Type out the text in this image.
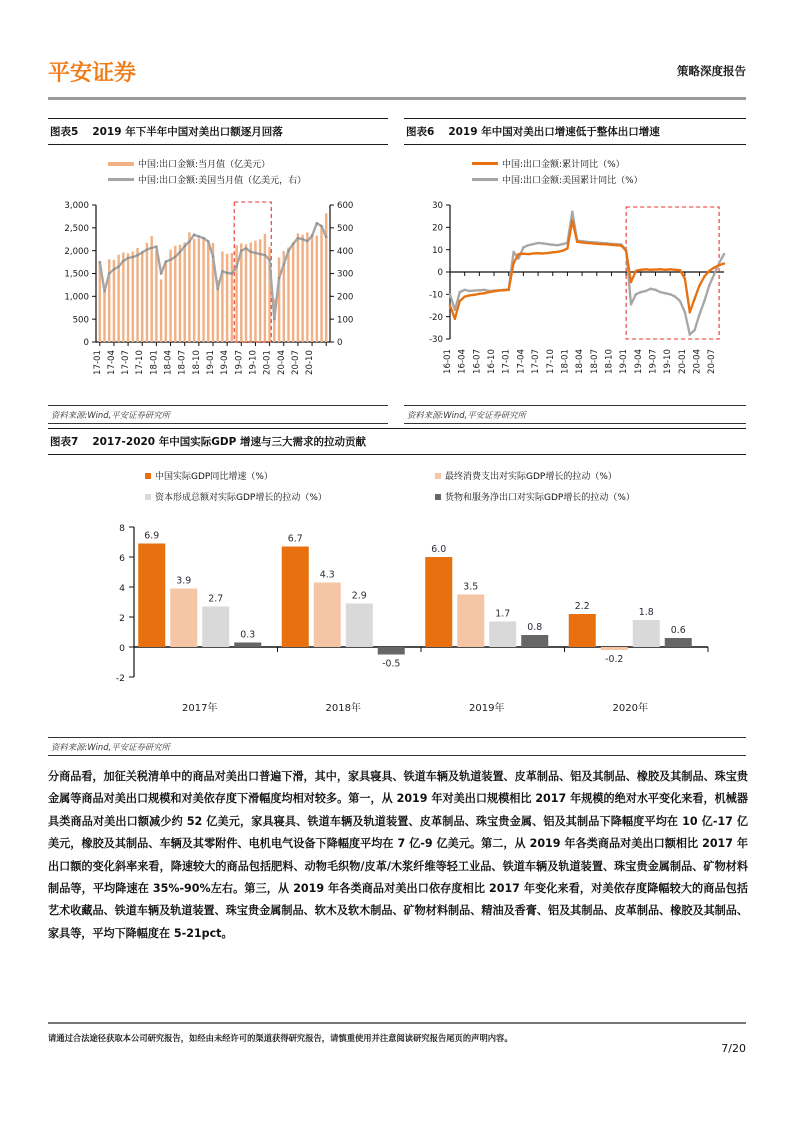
平安证券	策略深度报告
图表5 2019 年下半年中国对美出口额逐月回落
中国:出口金额:当月值（亿美元）
中国:出口金额:美国当月值（亿美元，右）
0
500
1,000
1,500
2,000
2,500
3,000
0
100
200
300
400
500
600
17-01 17-04 17-07 17-10 18-01 18-04 18-07 18-10 19-01 19-04 19-07 19-10 20-01 20-04 20-07 20-10
资料来源:Wind,平安证券研究所
图表6 2019 年中国对美出口增速低于整体出口增速
中国:出口金额:累计同比（%）
中国:出口金额:美国累计同比（%）
-30
-20
-10
0
10
20
30
16-01 16-04 16-07 16-10 17-01 17-04 17-07 17-10 18-01 18-04 18-07 18-10 19-01 19-04 19-07 19-10 20-01 20-04 20-07
资料来源:Wind,平安证券研究所
图表7 2017-2020 年中国实际GDP 增速与三大需求的拉动贡献
中国实际GDP同比增速（%）
资本形成总额对实际GDP增长的拉动（%）
最终消费支出对实际GDP增长的拉动（%）
货物和服务净出口对实际GDP增长的拉动（%）
-2
0
2
4
6
8
6.9
3.9
2.7
0.3
2017年
6.7
4.3
2.9
-0.5
2018年
6.0
3.5
1.7
0.8
2019年
2.2
-0.2
1.8
0.6
2020年
资料来源:Wind,平安证券研究所
分商品看，加征关税清单中的商品对美出口普遍下滑，其中，家具寝具、铁道车辆及轨道装置、皮革制品、铝及其制品、橡胶及其制品、珠宝贵金属等商品对美出口规模和对美依存度下滑幅度均相对较多。第一，从 2019 年对美出口规模相比 2017 年规模的绝对水平变化来看，机械器具类商品对美出口额减少约 52 亿美元，家具寝具、铁道车辆及轨道装置、皮革制品、珠宝贵金属、铝及其制品下降幅度平均在 10 亿-17 亿美元，橡胶及其制品、车辆及其零附件、电机电气设备下降幅度平均在 7 亿-9 亿美元。第二，从 2019 年各类商品对美出口额相比 2017 年出口额的变化斜率来看，降速较大的商品包括肥料、动物毛织物/皮革/木浆纤维等轻工业品、铁道车辆及轨道装置、珠宝贵金属制品、矿物材料制品等，平均降速在 35%-90%左右。第三，从 2019 年各类商品对美出口依存度相比 2017 年变化来看，对美依存度降幅较大的商品包括艺术收藏品、铁道车辆及轨道装置、珠宝贵金属制品、软木及软木制品、矿物材料制品、精油及香膏、铝及其制品、皮革制品、橡胶及其制品、家具等，平均下降幅度在 5-21pct。
请通过合法途径获取本公司研究报告，如经由未经许可的渠道获得研究报告，请慎重使用并注意阅读研究报告尾页的声明内容。
7/20
